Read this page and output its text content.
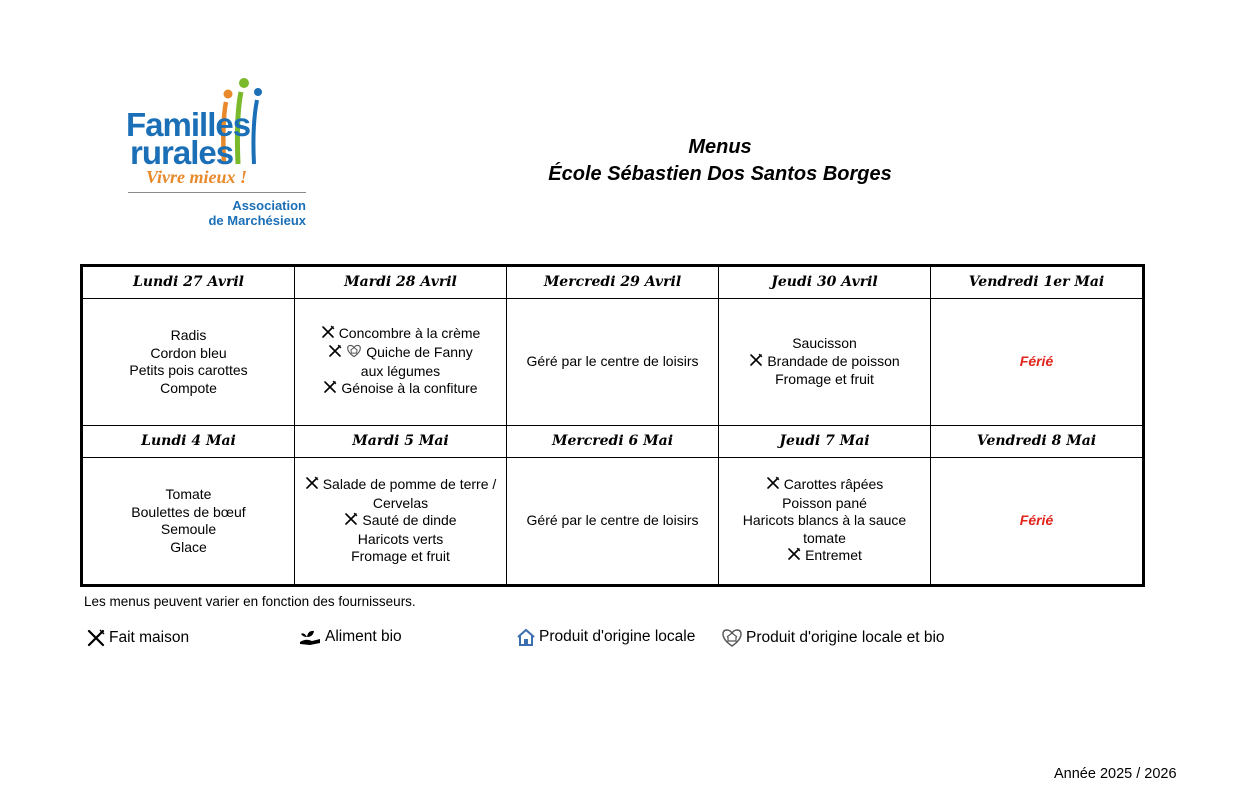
Familles
rurales
Vivre mieux !
Association
de Marchésieux
Menus
École Sébastien Dos Santos Borges
Lundi 27 Avril	Mardi 28 Avril	Mercredi 29 Avril	Jeudi 30 Avril	Vendredi 1er Mai

Radis
Cordon bleu
Petits pois carottes
Compote	Concombre à la crème
Quiche de Fanny
aux légumes
Génoise à la confiture	Géré par le centre de loisirs	Saucisson
Brandade de poisson
Fromage et fruit	Férié

Lundi 4 Mai	Mardi 5 Mai	Mercredi 6 Mai	Jeudi 7 Mai	Vendredi 8 Mai

Tomate
Boulettes de bœuf
Semoule
Glace	Salade de pomme de terre /
Cervelas
Sauté de dinde
Haricots verts
Fromage et fruit	Géré par le centre de loisirs	Carottes râpées
Poisson pané
Haricots blancs à la sauce
tomate
Entremet	Férié
Les menus peuvent varier en fonction des fournisseurs.
Fait maison	Aliment bio	Produit d'origine locale	Produit d'origine locale et bio
Année 2025 / 2026
